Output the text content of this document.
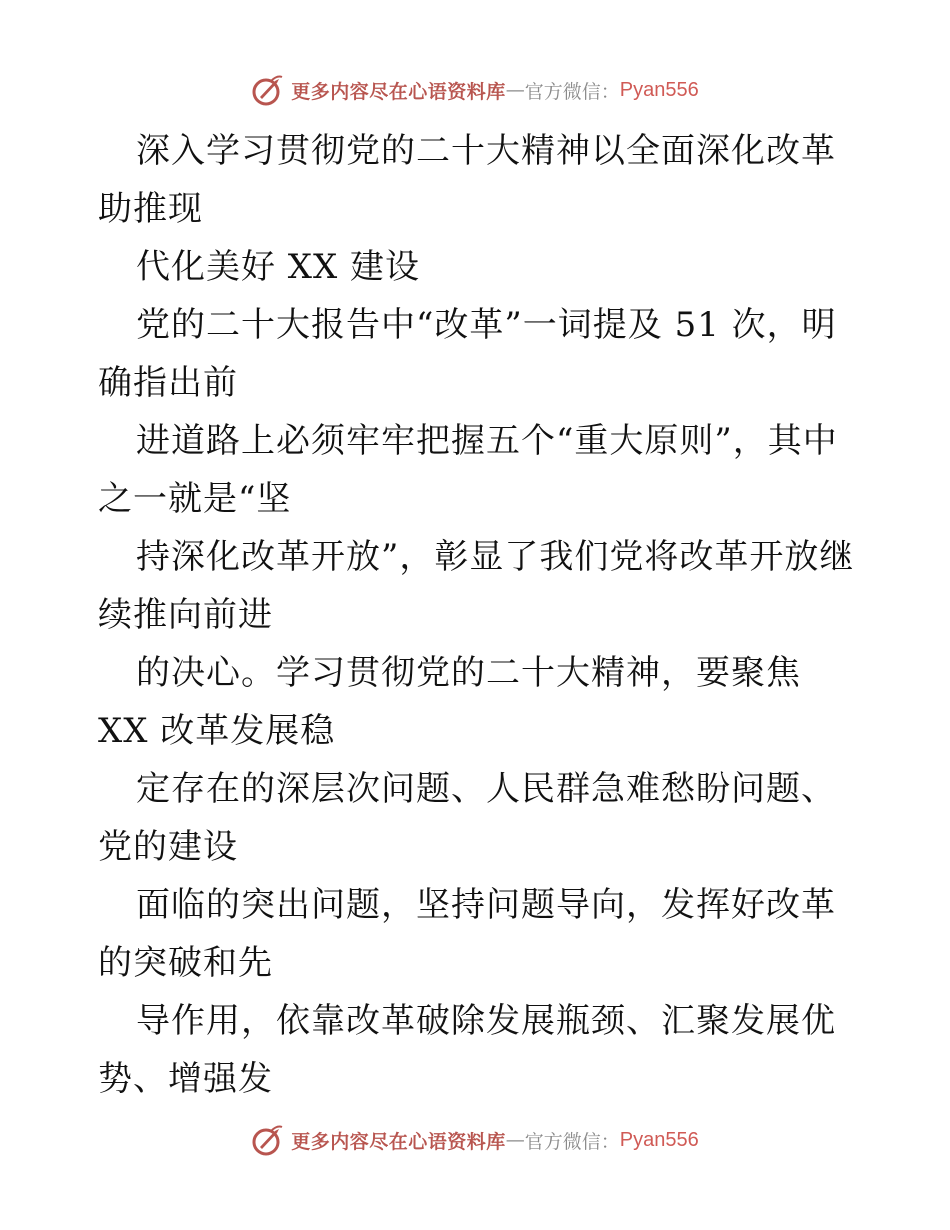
更多内容尽在心语资料库 — 官方微信： Pyan556

深入学习贯彻党的二十大精神以全面深化改革助推现

代化美好 XX 建设

党的二十大报告中“改革”一词提及 51 次，明确指出前

进道路上必须牢牢把握五个“重大原则”，其中之一就是“坚

持深化改革开放”，彰显了我们党将改革开放继续推向前进

的决心。学习贯彻党的二十大精神，要聚焦 XX 改革发展稳

定存在的深层次问题、人民群急难愁盼问题、党的建设

面临的突出问题，坚持问题导向，发挥好改革的突破和先

导作用，依靠改革破除发展瓶颈、汇聚发展优势、增强发

更多内容尽在心语资料库 — 官方微信： Pyan556
